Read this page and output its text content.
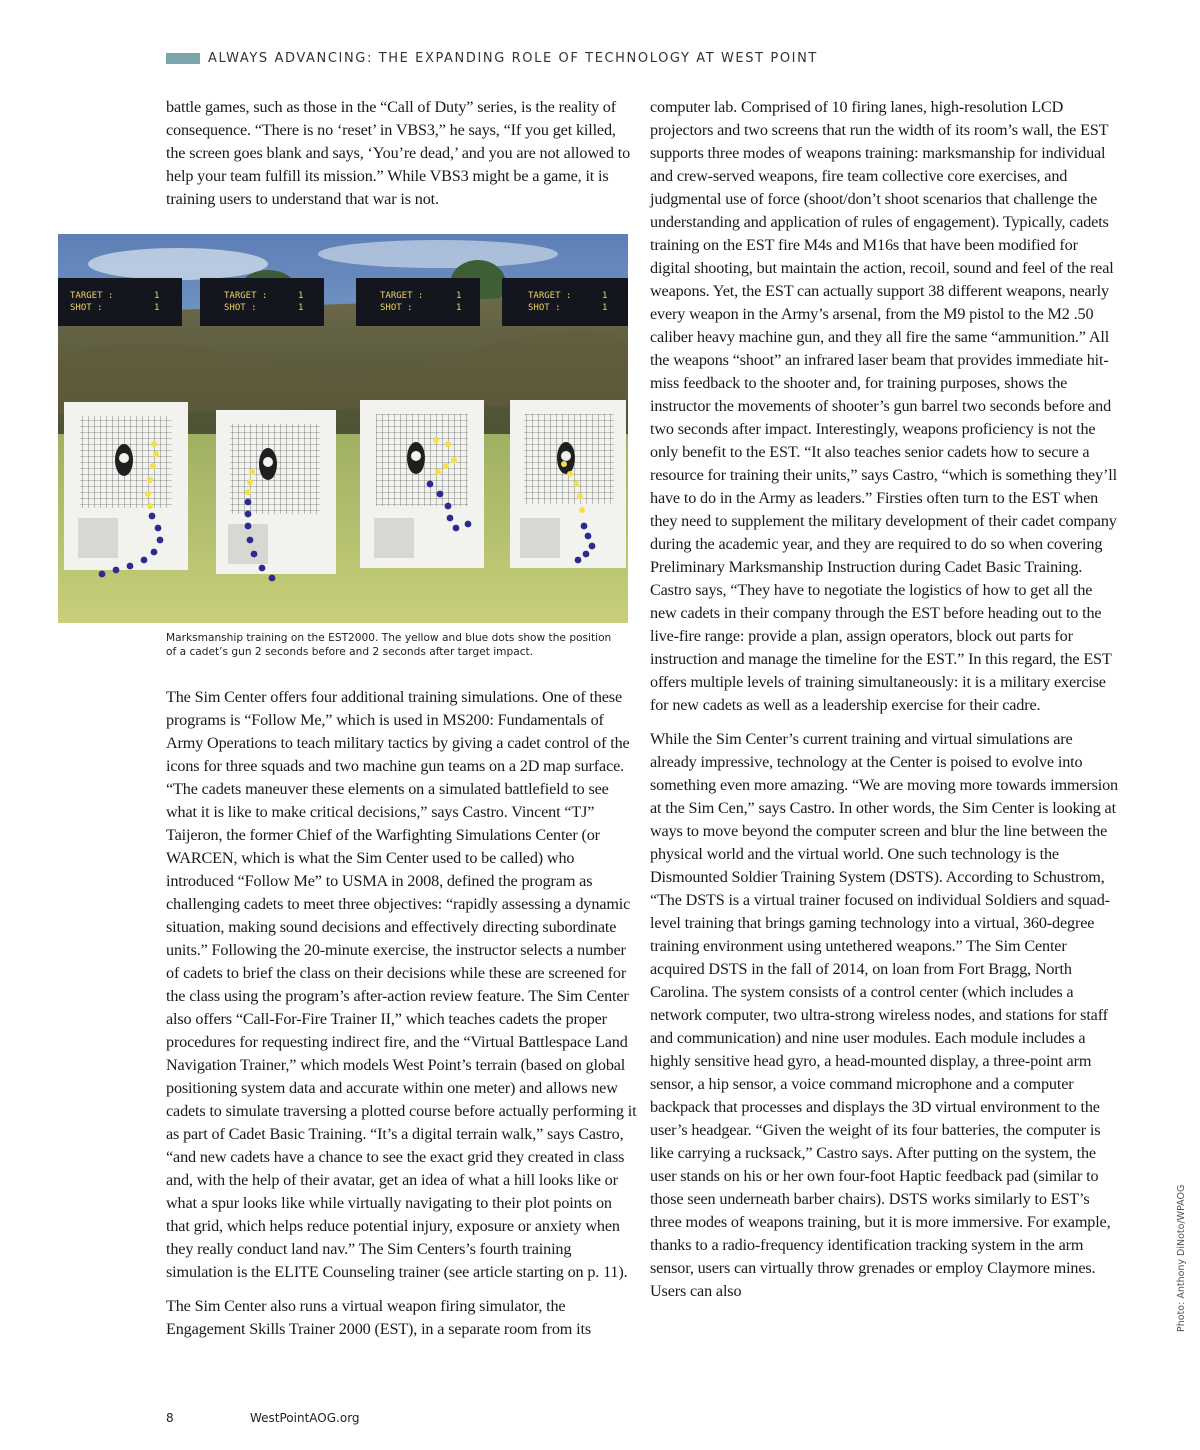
ALWAYS ADVANCING: THE EXPANDING ROLE OF TECHNOLOGY AT WEST POINT

battle games, such as those in the “Call of Duty” series, is the reality of consequence. “There is no ‘reset’ in VBS3,” he says, “If you get killed, the screen goes blank and says, ‘You’re dead,’ and you are not allowed to help your team fulfill its mission.” While VBS3 might be a game, it is training users to understand that war is not.

TARGET :
SHOT :
1
1
TARGET :
SHOT :
1
1
TARGET :
SHOT :
1
1
TARGET :
SHOT :
1
1
Marksmanship training on the EST2000. The yellow and blue dots show the position of a cadet’s gun 2 seconds before and 2 seconds after target impact.

The Sim Center offers four additional training simulations. One of these programs is “Follow Me,” which is used in MS200: Fundamentals of Army Operations to teach military tactics by giving a cadet control of the icons for three squads and two machine gun teams on a 2D map surface. “The cadets maneuver these elements on a simulated battlefield to see what it is like to make critical decisions,” says Castro. Vincent “TJ” Taijeron, the former Chief of the Warfighting Simulations Center (or WARCEN, which is what the Sim Center used to be called) who introduced “Follow Me” to USMA in 2008, defined the program as challenging cadets to meet three objectives: “rapidly assessing a dynamic situation, making sound decisions and effectively directing subordinate units.” Following the 20-minute exercise, the instructor selects a number of cadets to brief the class on their decisions while these are screened for the class using the program’s after-action review feature. The Sim Center also offers “Call-For-Fire Trainer II,” which teaches cadets the proper procedures for requesting indirect fire, and the “Virtual Battlespace Land Navigation Trainer,” which models West Point’s terrain (based on global positioning system data and accurate within one meter) and allows new cadets to simulate traversing a plotted course before actually performing it as part of Cadet Basic Training. “It’s a digital terrain walk,” says Castro, “and new cadets have a chance to see the exact grid they created in class and, with the help of their avatar, get an idea of what a hill looks like or what a spur looks like while virtually navigating to their plot points on that grid, which helps reduce potential injury, exposure or anxiety when they really conduct land nav.” The Sim Centers’s fourth training simulation is the ELITE Counseling trainer (see article starting on p. 11).

The Sim Center also runs a virtual weapon firing simulator, the Engagement Skills Trainer 2000 (EST), in a separate room from its

computer lab. Comprised of 10 firing lanes, high-resolution LCD projectors and two screens that run the width of its room’s wall, the EST supports three modes of weapons training: marksmanship for individual and crew-served weapons, fire team collective core exercises, and judgmental use of force (shoot/don’t shoot scenarios that challenge the understanding and application of rules of engagement). Typically, cadets training on the EST fire M4s and M16s that have been modified for digital shooting, but maintain the action, recoil, sound and feel of the real weapons. Yet, the EST can actually support 38 different weapons, nearly every weapon in the Army’s arsenal, from the M9 pistol to the M2 .50 caliber heavy machine gun, and they all fire the same “ammunition.” All the weapons “shoot” an infrared laser beam that provides immediate hit-miss feedback to the shooter and, for training purposes, shows the instructor the movements of shooter’s gun barrel two seconds before and two seconds after impact. Interestingly, weapons proficiency is not the only benefit to the EST. “It also teaches senior cadets how to secure a resource for training their units,” says Castro, “which is something they’ll have to do in the Army as leaders.” Firsties often turn to the EST when they need to supplement the military development of their cadet company during the academic year, and they are required to do so when covering Preliminary Marksmanship Instruction during Cadet Basic Training. Castro says, “They have to negotiate the logistics of how to get all the new cadets in their company through the EST before heading out to the live-fire range: provide a plan, assign operators, block out parts for instruction and manage the timeline for the EST.” In this regard, the EST offers multiple levels of training simultaneously: it is a military exercise for new cadets as well as a leadership exercise for their cadre.

While the Sim Center’s current training and virtual simulations are already impressive, technology at the Center is poised to evolve into something even more amazing. “We are moving more towards immersion at the Sim Cen,” says Castro. In other words, the Sim Center is looking at ways to move beyond the computer screen and blur the line between the physical world and the virtual world. One such technology is the Dismounted Soldier Training System (DSTS). According to Schustrom, “The DSTS is a virtual trainer focused on individual Soldiers and squad-level training that brings gaming technology into a virtual, 360-degree training environment using untethered weapons.” The Sim Center acquired DSTS in the fall of 2014, on loan from Fort Bragg, North Carolina. The system consists of a control center (which includes a network computer, two ultra-strong wireless nodes, and stations for staff and communication) and nine user modules. Each module includes a highly sensitive head gyro, a head-mounted display, a three-point arm sensor, a hip sensor, a voice command microphone and a computer backpack that processes and displays the 3D virtual environment to the user’s headgear. “Given the weight of its four batteries, the computer is like carrying a rucksack,” Castro says. After putting on the system, the user stands on his or her own four-foot Haptic feedback pad (similar to those seen underneath barber chairs). DSTS works similarly to EST’s three modes of weapons training, but it is more immersive. For example, thanks to a radio-frequency identification tracking system in the arm sensor, users can virtually throw grenades or employ Claymore mines. Users can also	Photo: Anthony DiNoto/WPAOG
8	WestPointAOG.org
